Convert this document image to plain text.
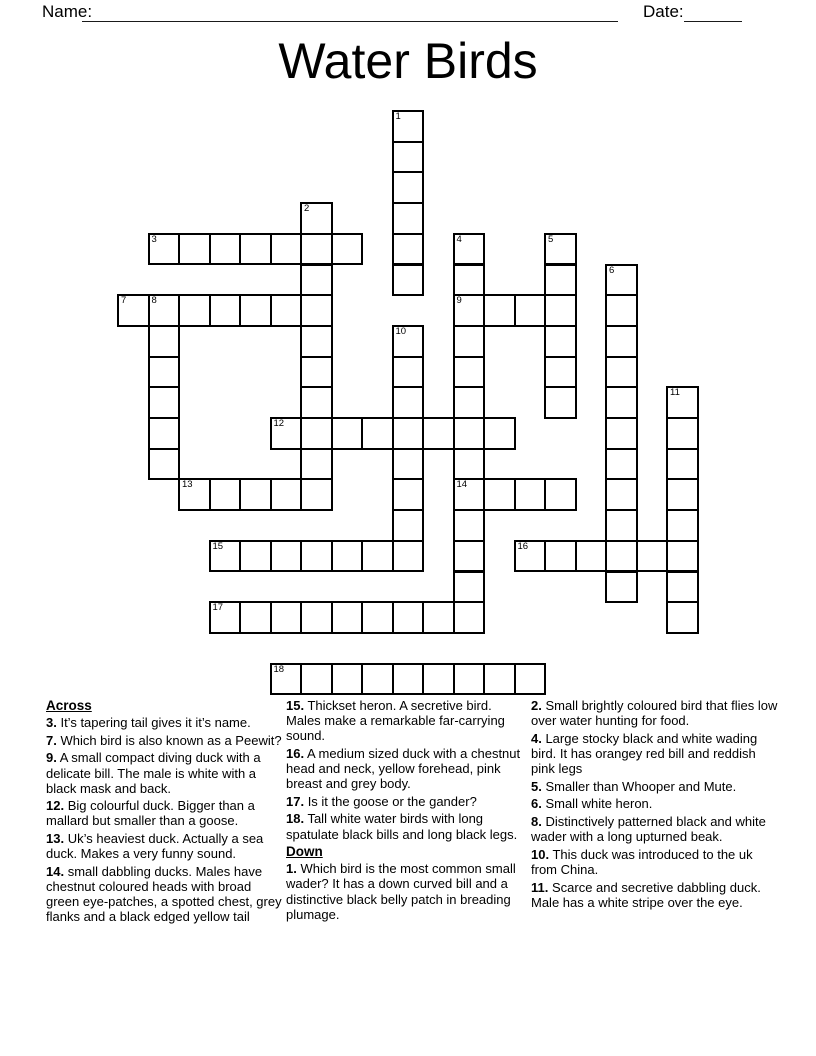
Name:	Date:
Water Birds
1
2
3	4
9
14
5
6
7	8
10
11
12
13
15	16
17
18
Across

3. It’s tapering tail gives it it’s name.

7. Which bird is also known as a Peewit?

9. A small compact diving duck with a delicate bill. The male is white with a black mask and back.

12. Big colourful duck. Bigger than a mallard but smaller than a goose.

13. Uk’s heaviest duck. Actually a sea duck. Makes a very funny sound.

14. small dabbling ducks. Males have chestnut coloured heads with broad green eye-patches, a spotted chest, grey flanks and a black edged yellow tail

15. Thickset heron. A secretive bird. Males make a remarkable far-carrying sound.

16. A medium sized duck with a chestnut head and neck, yellow forehead, pink breast and grey body.

17. Is it the goose or the gander?

18. Tall white water birds with long spatulate black bills and long black legs.

Down

1. Which bird is the most common small wader? It has a down curved bill and a distinctive black belly patch in breading plumage.

2. Small brightly coloured bird that flies low over water hunting for food.

4. Large stocky black and white wading bird. It has orangey red bill and reddish pink legs

5. Smaller than Whooper and Mute.

6. Small white heron.

8. Distinctively patterned black and white wader with a long upturned beak.

10. This duck was introduced to the uk from China.

11. Scarce and secretive dabbling duck. Male has a white stripe over the eye.
